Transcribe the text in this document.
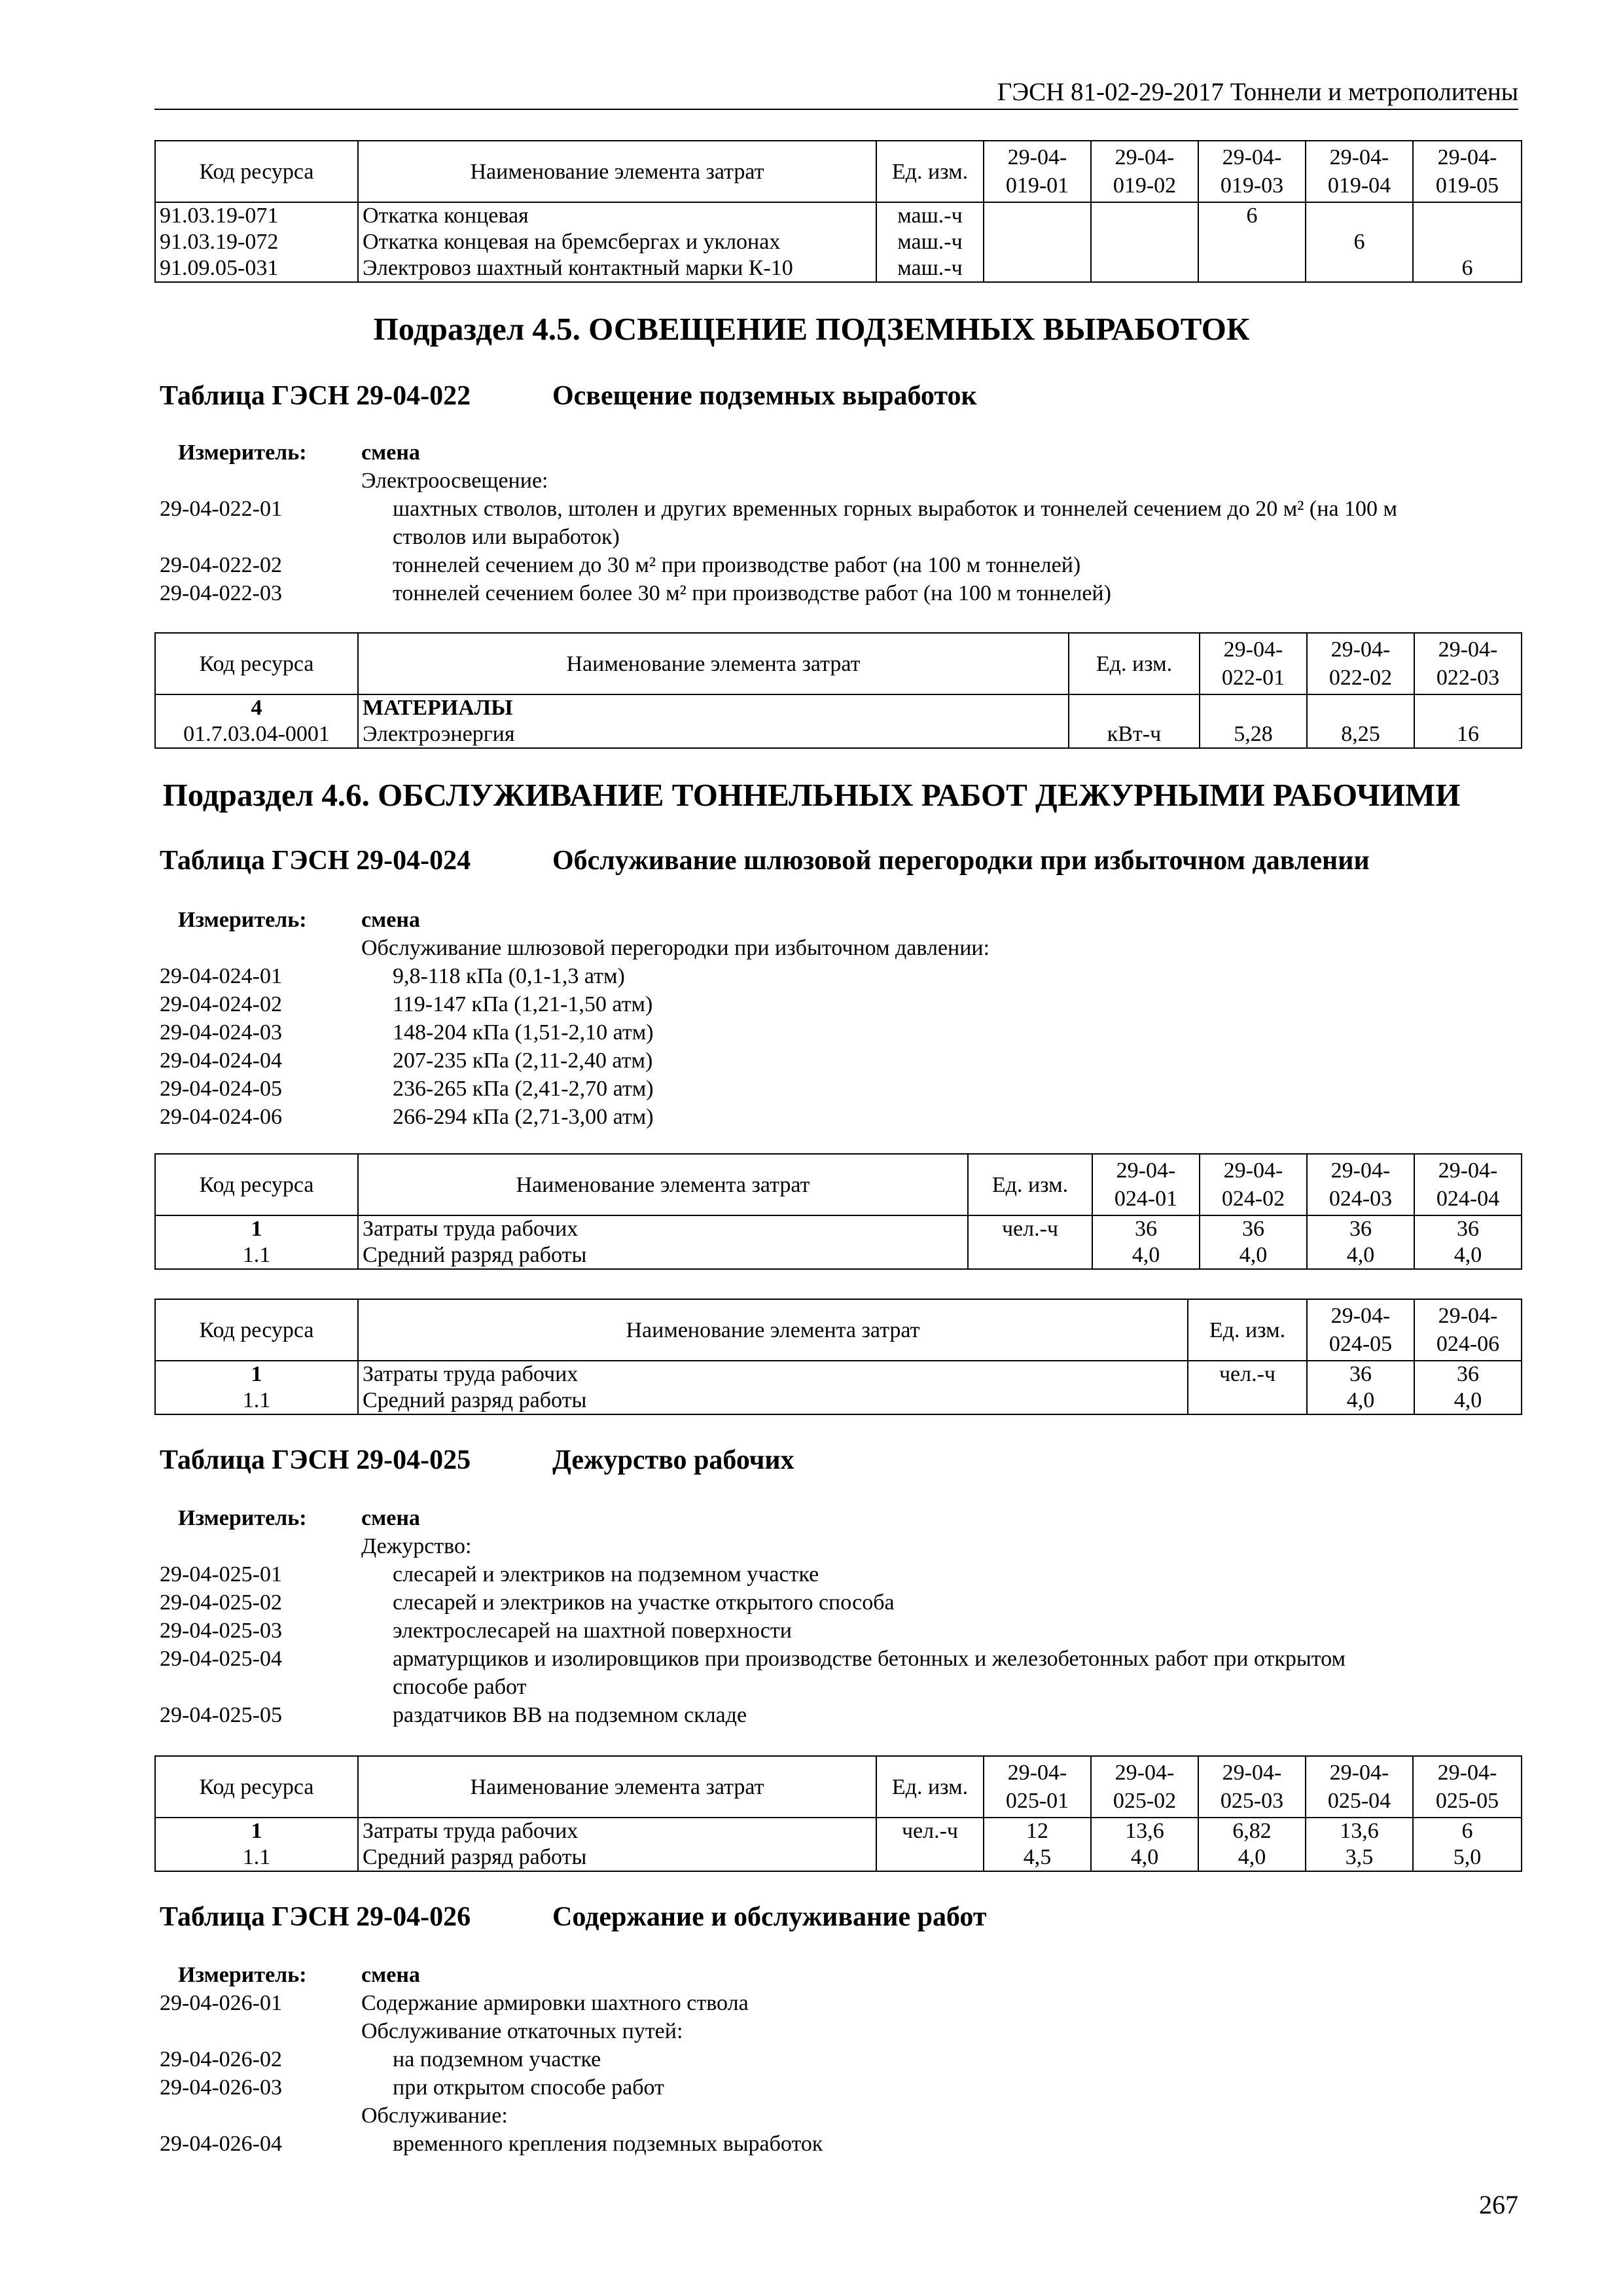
ГЭСН 81-02-29-2017 Тоннели и метрополитены
Код ресурса	Наименование элемента затрат	Ед. изм.	29-04-019-01	29-04-019-02	29-04-019-03	29-04-019-04	29-04-019-05
91.03.19-071	Откатка концевая	маш.-ч			6		
91.03.19-072	Откатка концевая на бремсбергах и уклонах	маш.-ч				6	
91.09.05-031	Электровоз шахтный контактный марки К-10	маш.-ч					6
Подраздел 4.5. ОСВЕЩЕНИЕ ПОДЗЕМНЫХ ВЫРАБОТОК
Таблица ГЭСН 29-04-022	Освещение подземных выработок
Измеритель: смена
Электроосвещение:
29-04-022-01	шахтных стволов, штолен и других временных горных выработок и тоннелей сечением до 20 м² (на 100 м
стволов или выработок)
29-04-022-02	тоннелей сечением до 30 м² при производстве работ (на 100 м тоннелей)
29-04-022-03	тоннелей сечением более 30 м² при производстве работ (на 100 м тоннелей)
Код ресурса	Наименование элемента затрат	Ед. изм.	29-04-022-01	29-04-022-02	29-04-022-03
4	МАТЕРИАЛЫ				
01.7.03.04-0001	Электроэнергия	кВт-ч	5,28	8,25	16
Подраздел 4.6. ОБСЛУЖИВАНИЕ ТОННЕЛЬНЫХ РАБОТ ДЕЖУРНЫМИ РАБОЧИМИ
Таблица ГЭСН 29-04-024	Обслуживание шлюзовой перегородки при избыточном давлении
Измеритель: смена
Обслуживание шлюзовой перегородки при избыточном давлении:
29-04-024-01	9,8-118 кПа (0,1-1,3 атм)
29-04-024-02	119-147 кПа (1,21-1,50 атм)
29-04-024-03	148-204 кПа (1,51-2,10 атм)
29-04-024-04	207-235 кПа (2,11-2,40 атм)
29-04-024-05	236-265 кПа (2,41-2,70 атм)
29-04-024-06	266-294 кПа (2,71-3,00 атм)
Код ресурса	Наименование элемента затрат	Ед. изм.	29-04-024-01	29-04-024-02	29-04-024-03	29-04-024-04
1	Затраты труда рабочих	чел.-ч	36	36	36	36
1.1	Средний разряд работы		4,0	4,0	4,0	4,0
Код ресурса	Наименование элемента затрат	Ед. изм.	29-04-024-05	29-04-024-06
1	Затраты труда рабочих	чел.-ч	36	36
1.1	Средний разряд работы		4,0	4,0
Таблица ГЭСН 29-04-025	Дежурство рабочих
Измеритель: смена
Дежурство:
29-04-025-01	слесарей и электриков на подземном участке
29-04-025-02	слесарей и электриков на участке открытого способа
29-04-025-03	электрослесарей на шахтной поверхности
29-04-025-04	арматурщиков и изолировщиков при производстве бетонных и железобетонных работ при открытом
способе работ
29-04-025-05	раздатчиков ВВ на подземном складе
Код ресурса	Наименование элемента затрат	Ед. изм.	29-04-025-01	29-04-025-02	29-04-025-03	29-04-025-04	29-04-025-05
1	Затраты труда рабочих	чел.-ч	12	13,6	6,82	13,6	6
1.1	Средний разряд работы		4,5	4,0	4,0	3,5	5,0
Таблица ГЭСН 29-04-026	Содержание и обслуживание работ
Измеритель: смена
29-04-026-01	Содержание армировки шахтного ствола
Обслуживание откаточных путей:
29-04-026-02	на подземном участке
29-04-026-03	при открытом способе работ
Обслуживание:
29-04-026-04	временного крепления подземных выработок
267
